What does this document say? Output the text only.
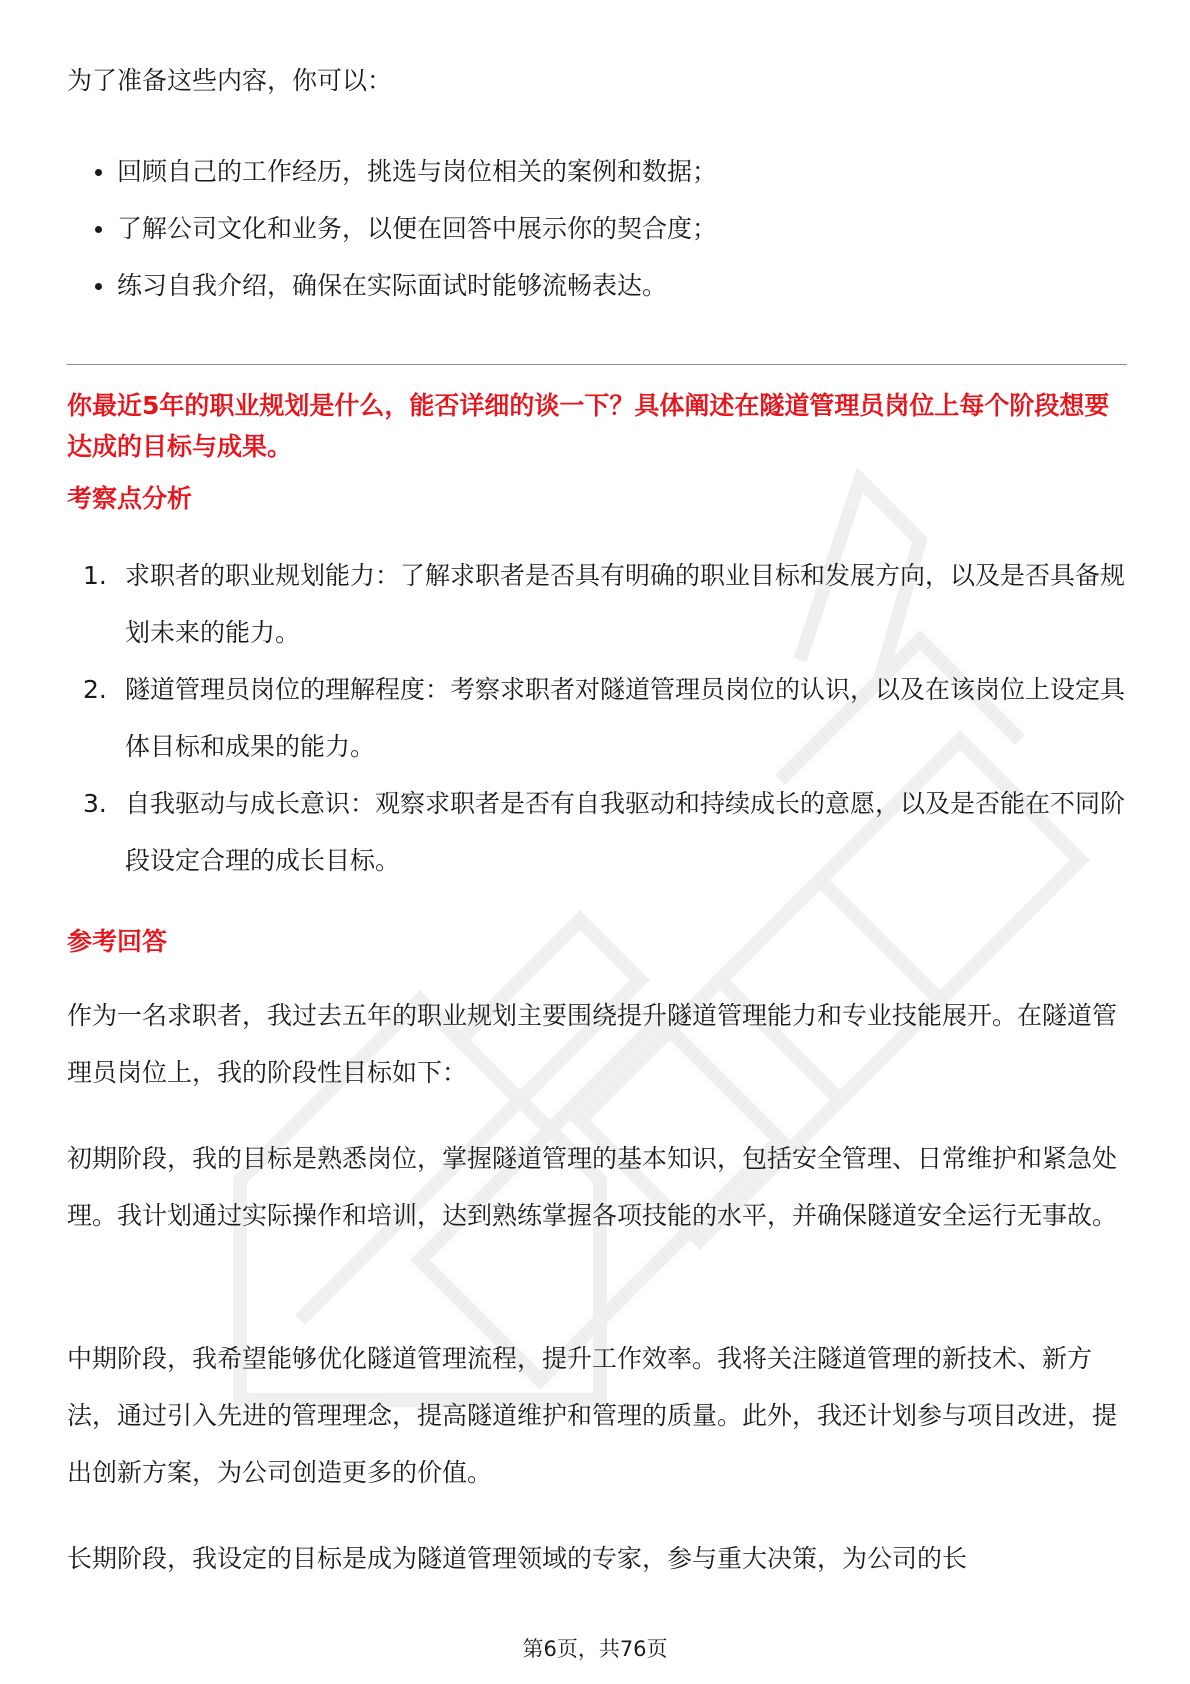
为了准备这些内容，你可以：

回顾自己的工作经历，挑选与岗位相关的案例和数据；
了解公司文化和业务，以便在回答中展示你的契合度；
练习自我介绍，确保在实际面试时能够流畅表达。

你最近5年的职业规划是什么，能否详细的谈一下？具体阐述在隧道管理员岗位上每个阶段想要达成的目标与成果。

考察点分析

1. 求职者的职业规划能力：了解求职者是否具有明确的职业目标和发展方向，以及是否具备规划未来的能力。
2. 隧道管理员岗位的理解程度：考察求职者对隧道管理员岗位的认识，以及在该岗位上设定具体目标和成果的能力。
3. 自我驱动与成长意识：观察求职者是否有自我驱动和持续成长的意愿，以及是否能在不同阶段设定合理的成长目标。

参考回答

作为一名求职者，我过去五年的职业规划主要围绕提升隧道管理能力和专业技能展开。在隧道管理员岗位上，我的阶段性目标如下：

初期阶段，我的目标是熟悉岗位，掌握隧道管理的基本知识，包括安全管理、日常维护和紧急处理。我计划通过实际操作和培训，达到熟练掌握各项技能的水平，并确保隧道安全运行无事故。

中期阶段，我希望能够优化隧道管理流程，提升工作效率。我将关注隧道管理的新技术、新方法，通过引入先进的管理理念，提高隧道维护和管理的质量。此外，我还计划参与项目改进，提出创新方案，为公司创造更多的价值。

长期阶段，我设定的目标是成为隧道管理领域的专家，参与重大决策，为公司的长

第6页，共76页
